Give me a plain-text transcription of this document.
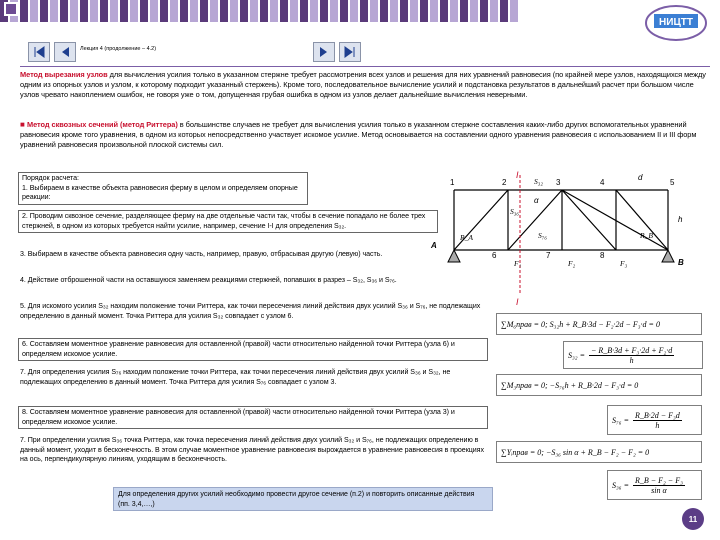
НИЦТТ
Лекция 4 (продолжение – 4.2)
Метод вырезания узлов для вычисления усилия только в указанном стержне требует рассмотрения всех узлов и решения для них уравнений равновесия (по крайней мере узлов, находящихся между одним из опорных узлов и узлом, к которому подходит указанный стержень). Кроме того, последовательное вычисление усилий и подстановка результатов в дальнейший расчет при большом числе узлов чревато накоплением ошибок, не говоря уже о том, допущенная грубая ошибка в одном из узлов делает дальнейшие вычисления неверными.
■ Метод сквозных сечений (метод Риттера) в большинстве случаев не требует для вычисления усилия только в указанном стержне составления каких-либо других вспомогательных уравнений равновесия кроме того уравнения, в одном из которых непосредственно участвует искомое усилие. Метод основывается на составлении одного уравнения равновесия с использованием II и III форм уравнений равновесия произвольной плоской системы сил.
Порядок расчета:
1. Выбираем в качестве объекта равновесия ферму в целом и определяем опорные реакции:
2. Проводим сквозное сечение, разделяющее ферму на две отдельные части так, чтобы в сечение попадало не более трех стержней, в одном из которых требуется найти усилие, например, сечение I-I для определения S₃₂.
3. Выбираем в качестве объекта равновесия одну часть, например, правую, отбрасывая другую (левую) часть.
4. Действие отброшенной части на оставшуюся заменяем реакциями стержней, попавших в разрез – S₃₂, S₃₆ и S₇₆.
5. Для искомого усилия S₃₂ находим положение точки Риттера, как точки пересечения линий действия двух усилий S₃₆ и S₇₆, не подлежащих определению в данный момент. Точка Риттера для усилия S₃₂ совпадает с узлом 6.
6. Составляем моментное уравнение равновесия для оставленной (правой) части относительно найденной точки Риттера (узла 6) и определяем искомое усилие.
7. Для определения усилия S₇₆ находим положение точки Риттера, как точки пересечения линий действия двух усилий S₃₆ и S₃₂, не подлежащих определению в данный момент. Точка Риттера для усилия S₇₆ совпадает с узлом 3.
8. Составляем моментное уравнение равновесия для оставленной (правой) части относительно найденной точки Риттера (узла 3) и определяем искомое усилие.
7. При определении усилия S₃₆ точка Риттера, как точка пересечения линий действия двух усилий S₃₂ и S₇₆, не подлежащих определению в данный момент, уходит в бесконечность. В этом случае моментное уравнение равновесия вырождается в уравнение равновесия в проекциях на ось, перпендикулярную линиям, уходящим в бесконечность.
∑M₆прав = 0; S₃₂h + R_B·3d − F₂·2d − F₃·d = 0
$S_{32} = \frac{\text{− R\_B·3d + F₃·2d + F₂·d}}{h}$
∑M₃прав = 0; −S₇₆h + R_B·2d − F₃·d = 0
$S_{76} = \frac{\text{R\_B·2d − F₃d}}{h}$
∑Yᵢправ = 0; −S₃₆ sin α + R_B − F₂ − F₂ = 0
$S_{36} = \frac{\text{R\_B − F₂ − F₃}}{\text{sin α}}$
I
I
1	2	3	4	5
6	7	8
A
B
d
h
α
S₃₂
S₃₆
S₇₆
R_A	R_B
F₁	F₂	F₃
Для определения других усилий необходимо провести другое сечение (п.2) и повторить описанные действия (пп. 3,4,…,)
11
